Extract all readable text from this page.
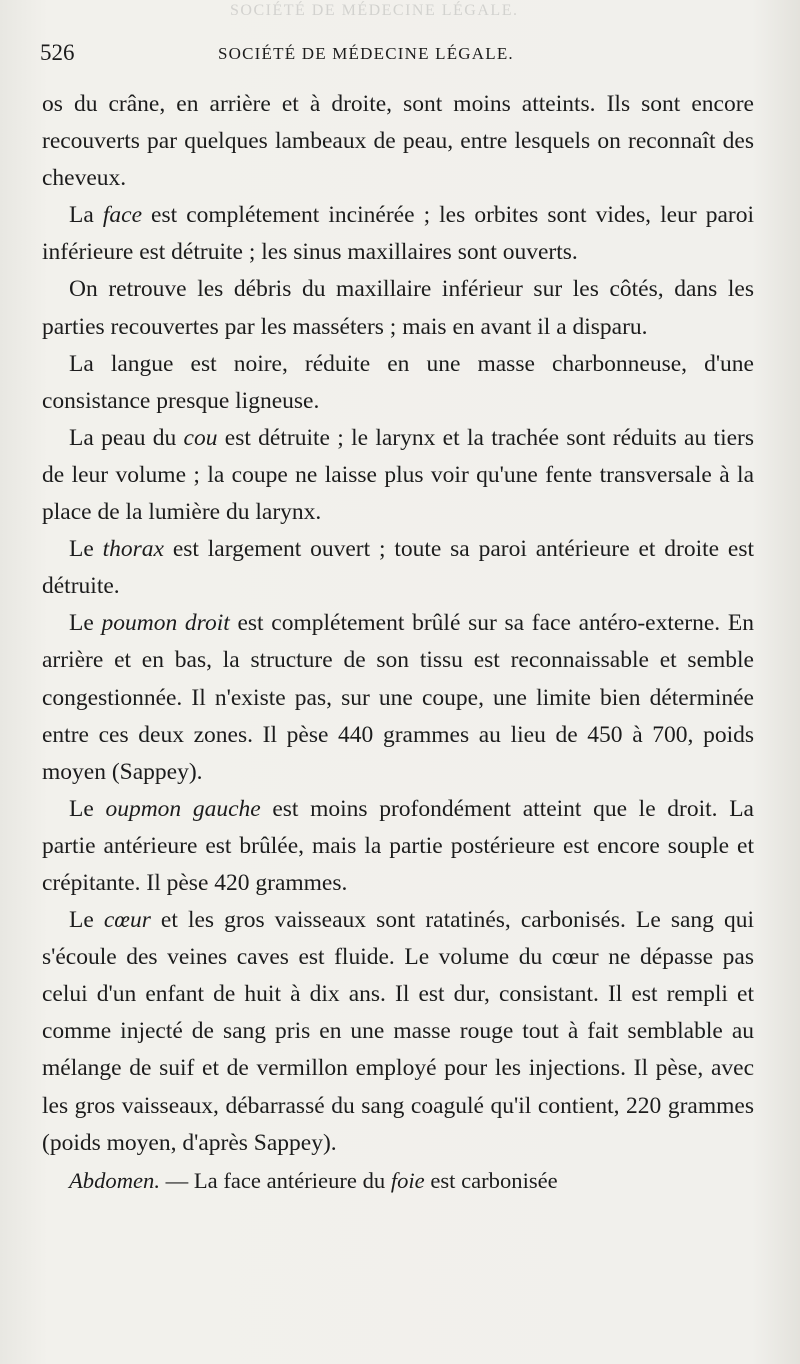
SOCIÉTÉ DE MÉDECINE LÉGALE.
526	SOCIÉTÉ DE MÉDECINE LÉGALE.

os du crâne, en arrière et à droite, sont moins atteints. Ils sont encore recouverts par quelques lambeaux de peau, entre lesquels on reconnaît des cheveux.

La face est complétement incinérée ; les orbites sont vides, leur paroi inférieure est détruite ; les sinus maxillaires sont ouverts.

On retrouve les débris du maxillaire inférieur sur les côtés, dans les parties recouvertes par les masséters ; mais en avant il a disparu.

La langue est noire, réduite en une masse charbonneuse, d'une consistance presque ligneuse.

La peau du cou est détruite ; le larynx et la trachée sont réduits au tiers de leur volume ; la coupe ne laisse plus voir qu'une fente transversale à la place de la lumière du larynx.

Le thorax est largement ouvert ; toute sa paroi antérieure et droite est détruite.

Le poumon droit est complétement brûlé sur sa face antéro-externe. En arrière et en bas, la structure de son tissu est reconnaissable et semble congestionnée. Il n'existe pas, sur une coupe, une limite bien déterminée entre ces deux zones. Il pèse 440 grammes au lieu de 450 à 700, poids moyen (Sappey).

Le oupmon gauche est moins profondément atteint que le droit. La partie antérieure est brûlée, mais la partie postérieure est encore souple et crépitante. Il pèse 420 grammes.

Le cœur et les gros vaisseaux sont ratatinés, carbonisés. Le sang qui s'écoule des veines caves est fluide. Le volume du cœur ne dépasse pas celui d'un enfant de huit à dix ans. Il est dur, consistant. Il est rempli et comme injecté de sang pris en une masse rouge tout à fait semblable au mélange de suif et de vermillon employé pour les injections. Il pèse, avec les gros vaisseaux, débarrassé du sang coagulé qu'il contient, 220 grammes (poids moyen, d'après Sappey).

Abdomen. — La face antérieure du foie est carbonisée
